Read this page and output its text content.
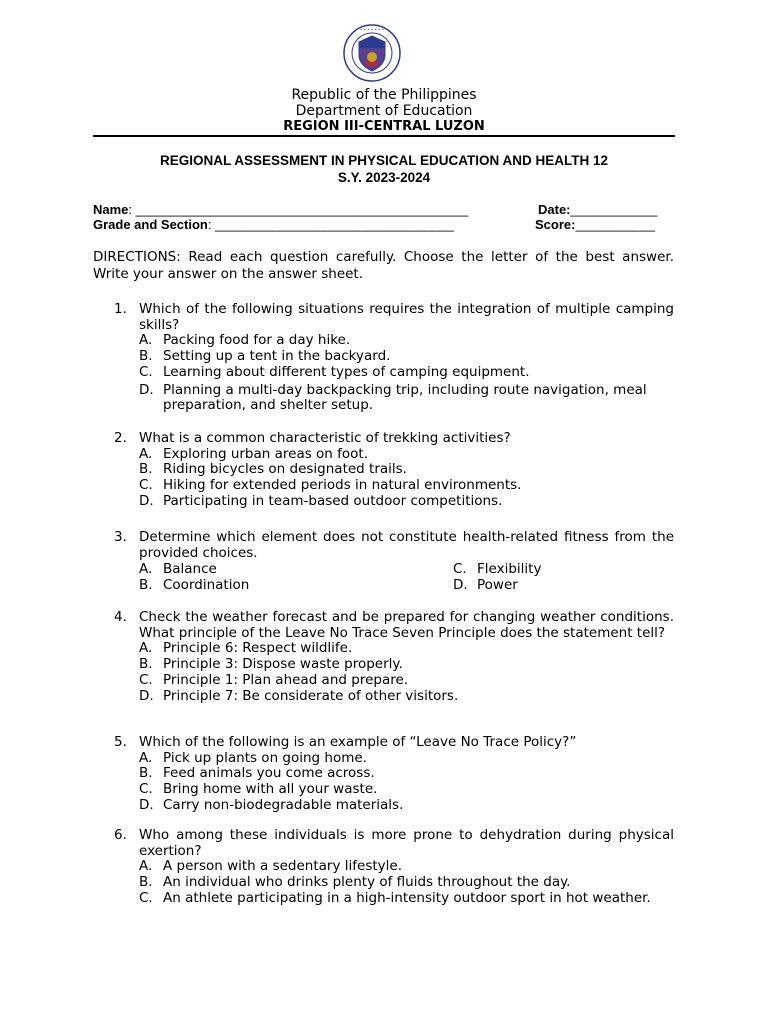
• • • • • • •
Republic of the Philippines
Department of Education
REGION III-CENTRAL LUZON
REGIONAL ASSESSMENT IN PHYSICAL EDUCATION AND HEALTH 12
S.Y. 2023-2024
Name: ______________________________________________	Date:____________
Grade and Section: _________________________________	Score:___________
DIRECTIONS: Read each question carefully. Choose the letter of the best answer. Write your answer on the answer sheet.
1. Which of the following situations requires the integration of multiple camping skills?
A. Packing food for a day hike.
B. Setting up a tent in the backyard.
C. Learning about different types of camping equipment.
D. Planning a multi-day backpacking trip, including route navigation, meal preparation, and shelter setup.
2. What is a common characteristic of trekking activities?
A. Exploring urban areas on foot.
B. Riding bicycles on designated trails.
C. Hiking for extended periods in natural environments.
D. Participating in team-based outdoor competitions.
3. Determine which element does not constitute health-related fitness from the provided choices.
A. Balance	C. Flexibility
B. Coordination	D. Power
4. Check the weather forecast and be prepared for changing weather conditions. What principle of the Leave No Trace Seven Principle does the statement tell?
A. Principle 6: Respect wildlife.
B. Principle 3: Dispose waste properly.
C. Principle 1: Plan ahead and prepare.
D. Principle 7: Be considerate of other visitors.
5. Which of the following is an example of “Leave No Trace Policy?”
A. Pick up plants on going home.
B. Feed animals you come across.
C. Bring home with all your waste.
D. Carry non-biodegradable materials.
6. Who among these individuals is more prone to dehydration during physical exertion?
A. A person with a sedentary lifestyle.
B. An individual who drinks plenty of fluids throughout the day.
C. An athlete participating in a high-intensity outdoor sport in hot weather.
